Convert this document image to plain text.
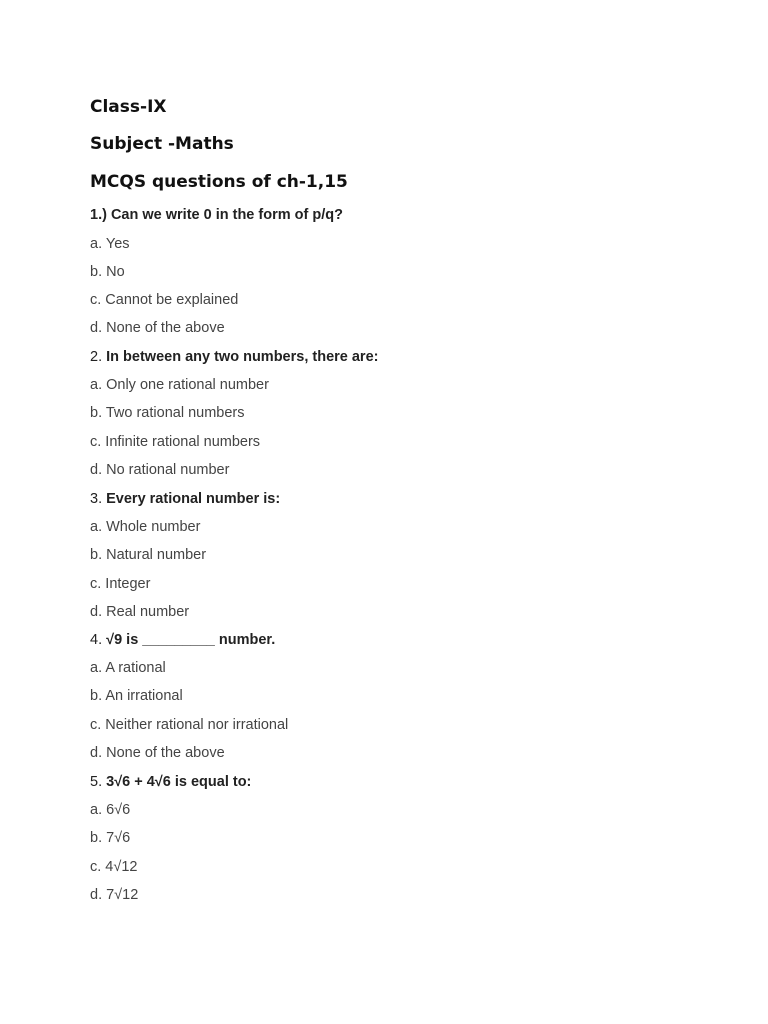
Class-IX
Subject -Maths
MCQS questions of ch-1,15
1.) Can we write 0 in the form of p/q?
a. Yes
b. No
c. Cannot be explained
d. None of the above
2. In between any two numbers, there are:
a. Only one rational number
b. Two rational numbers
c. Infinite rational numbers
d. No rational number
3. Every rational number is:
a. Whole number
b. Natural number
c. Integer
d. Real number
4. √9 is _________ number.
a. A rational
b. An irrational
c. Neither rational nor irrational
d. None of the above
5. 3√6 + 4√6 is equal to:
a. 6√6
b. 7√6
c. 4√12
d. 7√12
